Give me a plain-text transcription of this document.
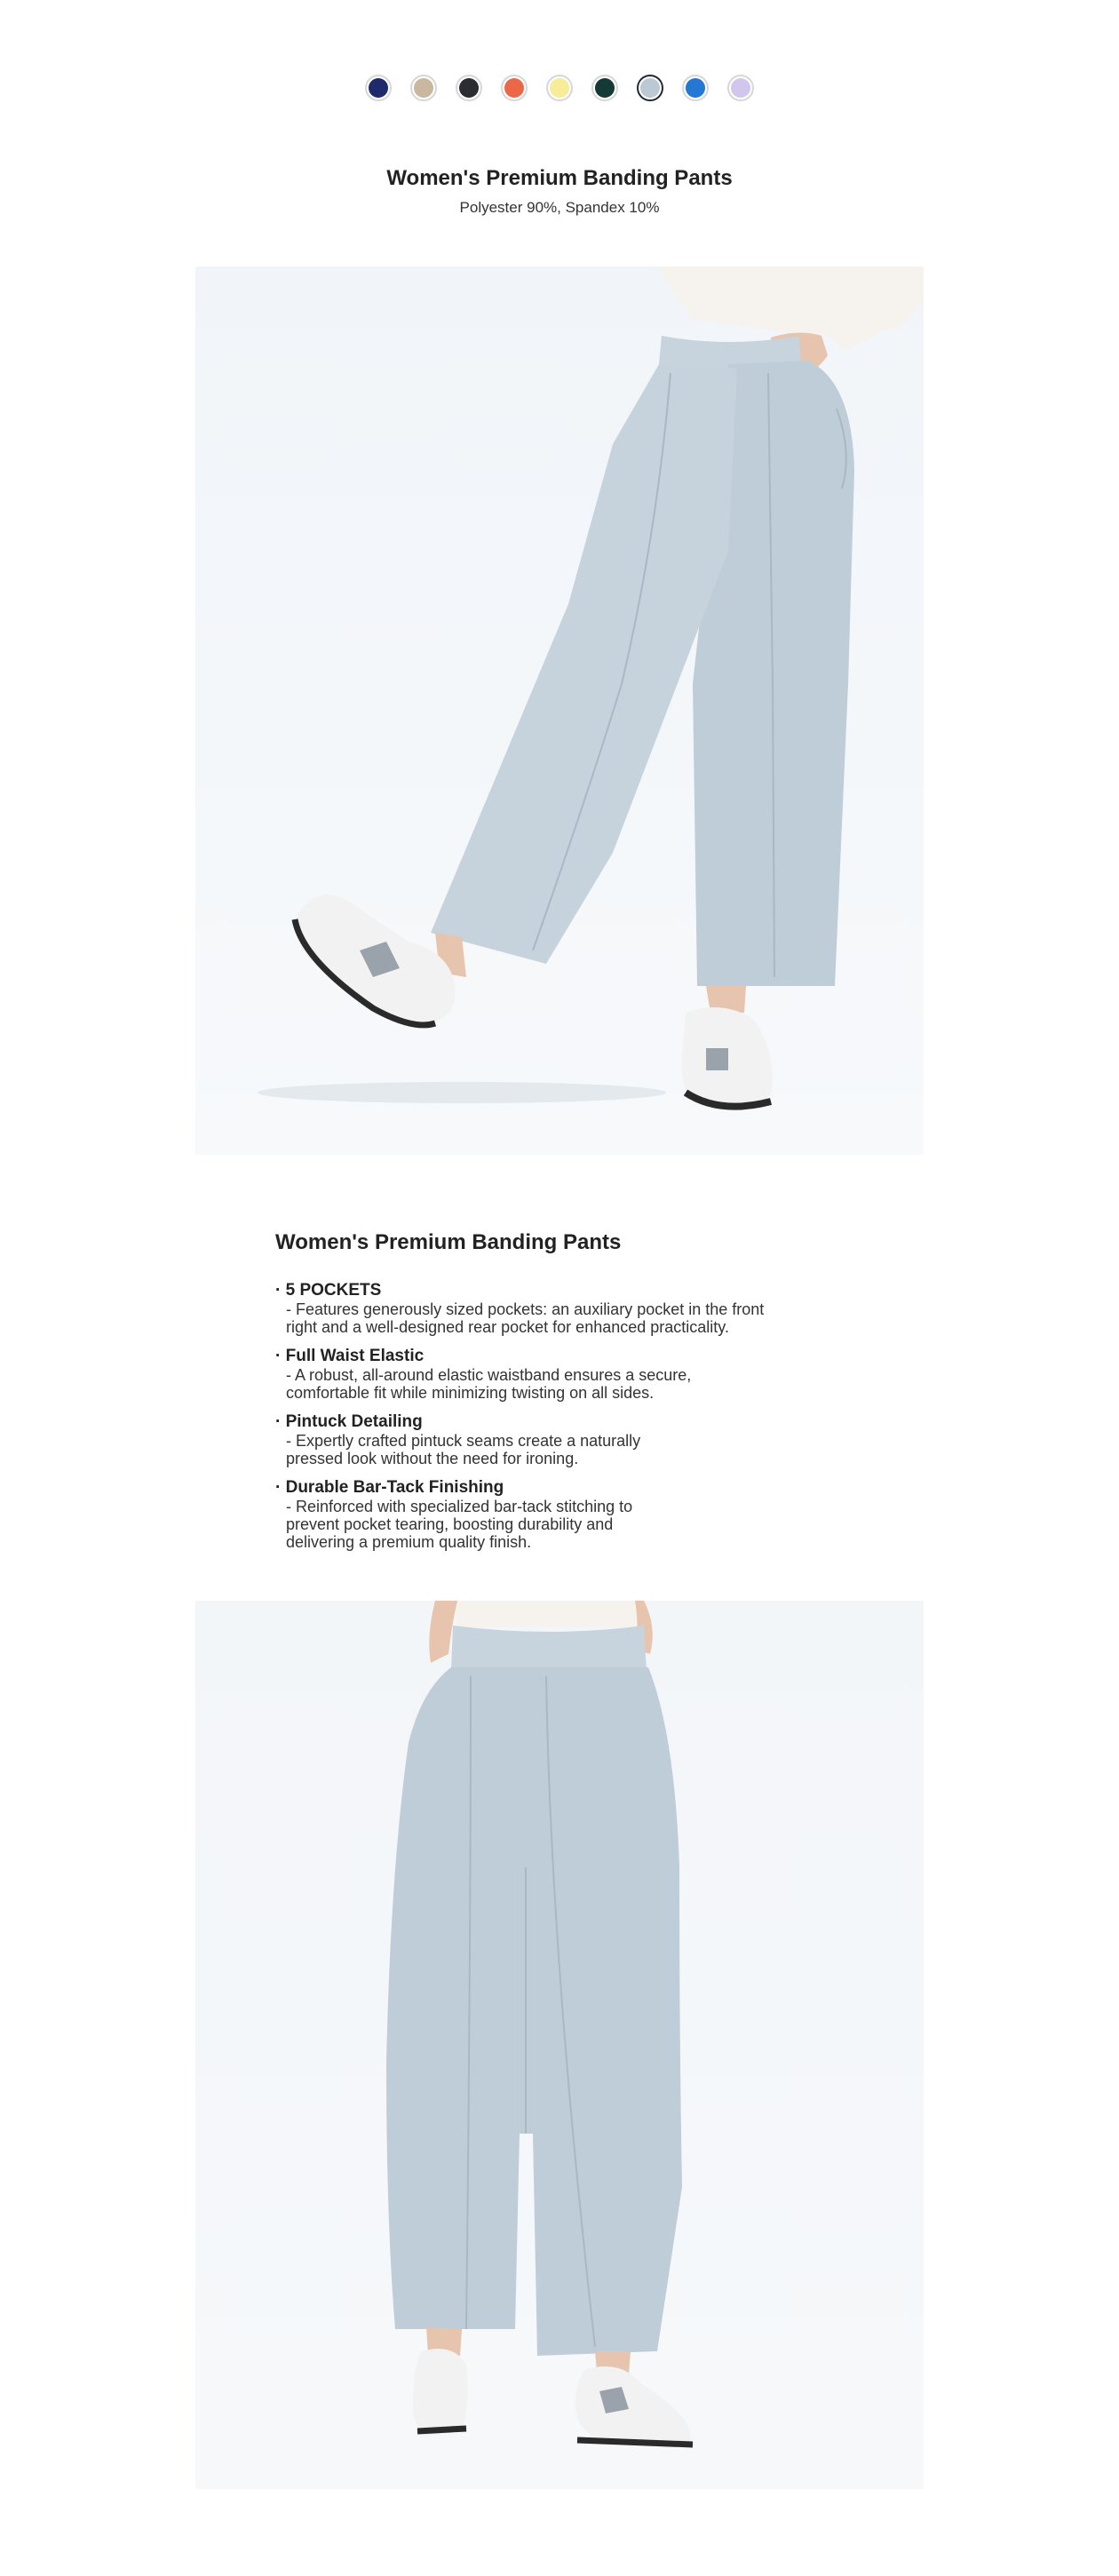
Women's Premium Banding Pants
Polyester 90%, Spandex 10%
Women's Premium Banding Pants
· 5 POCKETS
- Features generously sized pockets: an auxiliary pocket in the front
right and a well-designed rear pocket for enhanced practicality.
· Full Waist Elastic
- A robust, all-around elastic waistband ensures a secure,
comfortable fit while minimizing twisting on all sides.
· Pintuck Detailing
- Expertly crafted pintuck seams create a naturally
pressed look without the need for ironing.
· Durable Bar-Tack Finishing
- Reinforced with specialized bar-tack stitching to
prevent pocket tearing, boosting durability and
delivering a premium quality finish.
